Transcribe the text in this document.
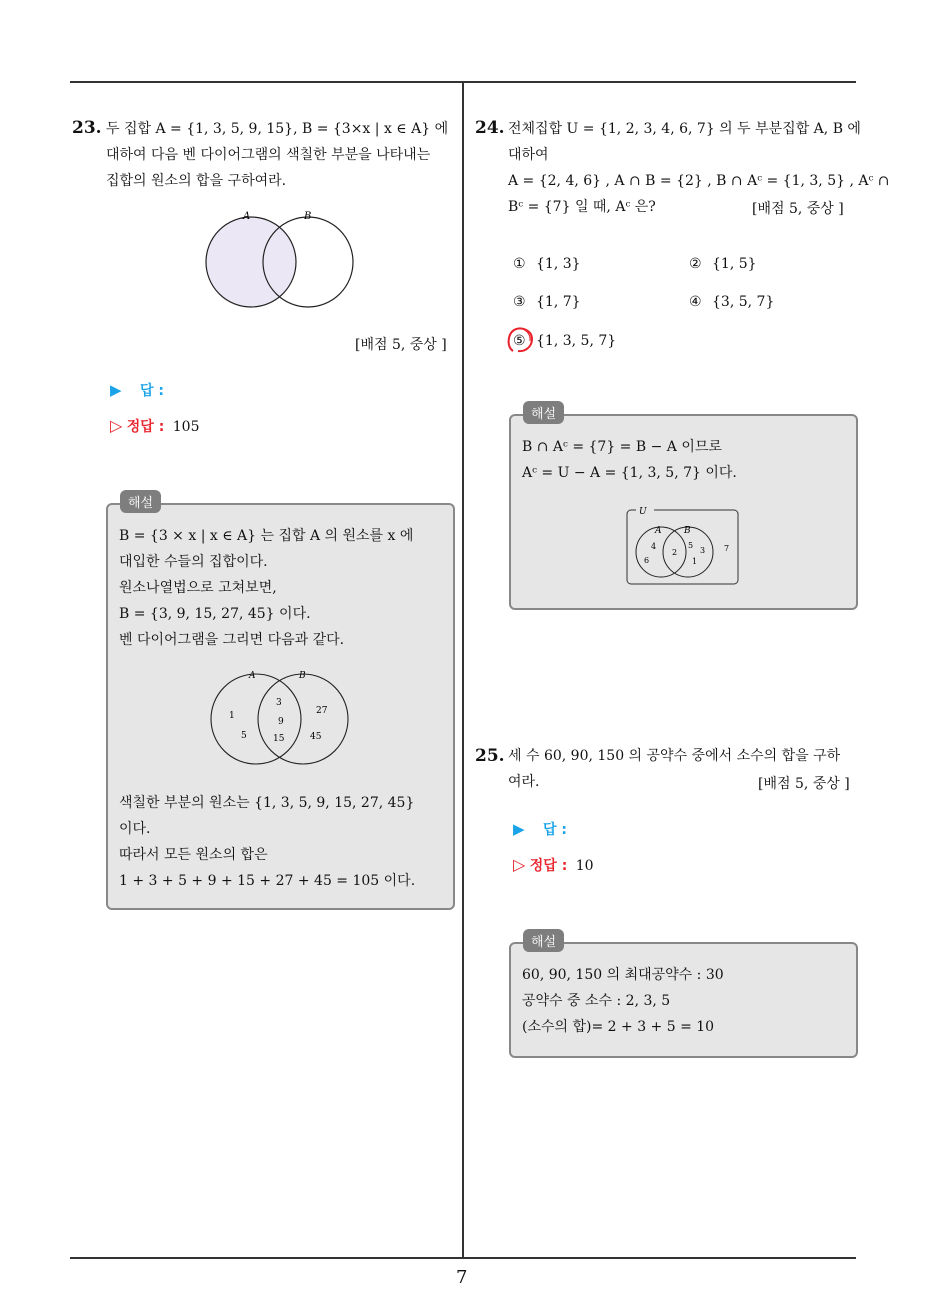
23. 두 집합 A = {1, 3, 5, 9, 15}, B = {3×x | x ∈ A} 에
대하여 다음 벤 다이어그램의 색칠한 부분을 나타내는
집합의 원소의 합을 구하여라.
A	B
[배점 5, 중상 ]
▶ 답 :
▷ 정답 : 105
해설
B = {3 × x | x ∈ A} 는 집합 A 의 원소를 x 에
대입한 수들의 집합이다.
원소나열법으로 고쳐보면,
B = {3, 9, 15, 27, 45} 이다.
벤 다이어그램을 그리면 다음과 같다.
A	B
1
5
3
9
15
27
45
색칠한 부분의 원소는 {1, 3, 5, 9, 15, 27, 45}
이다.
따라서 모든 원소의 합은
1 + 3 + 5 + 9 + 15 + 27 + 45 = 105 이다.
24. 전체집합 U = {1, 2, 3, 4, 6, 7} 의 두 부분집합 A, B 에
대하여
A = {2, 4, 6} , A ∩ B = {2} , B ∩ Aᶜ = {1, 3, 5} , Aᶜ ∩
Bᶜ = {7} 일 때, Aᶜ 은?	[배점 5, 중상 ]
① {1, 3}	② {1, 5}
③ {1, 7}	④ {3, 5, 7}
⑤ {1, 3, 5, 7}
해설
B ∩ Aᶜ = {7} = B − A 이므로
Aᶜ = U − A = {1, 3, 5, 7} 이다.
U
A	B
4
6
2
5
3
1
7
25. 세 수 60, 90, 150 의 공약수 중에서 소수의 합을 구하
여라.	[배점 5, 중상 ]
▶ 답 :
▷ 정답 : 10
해설
60, 90, 150 의 최대공약수 : 30
공약수 중 소수 : 2, 3, 5
(소수의 합)= 2 + 3 + 5 = 10
7
